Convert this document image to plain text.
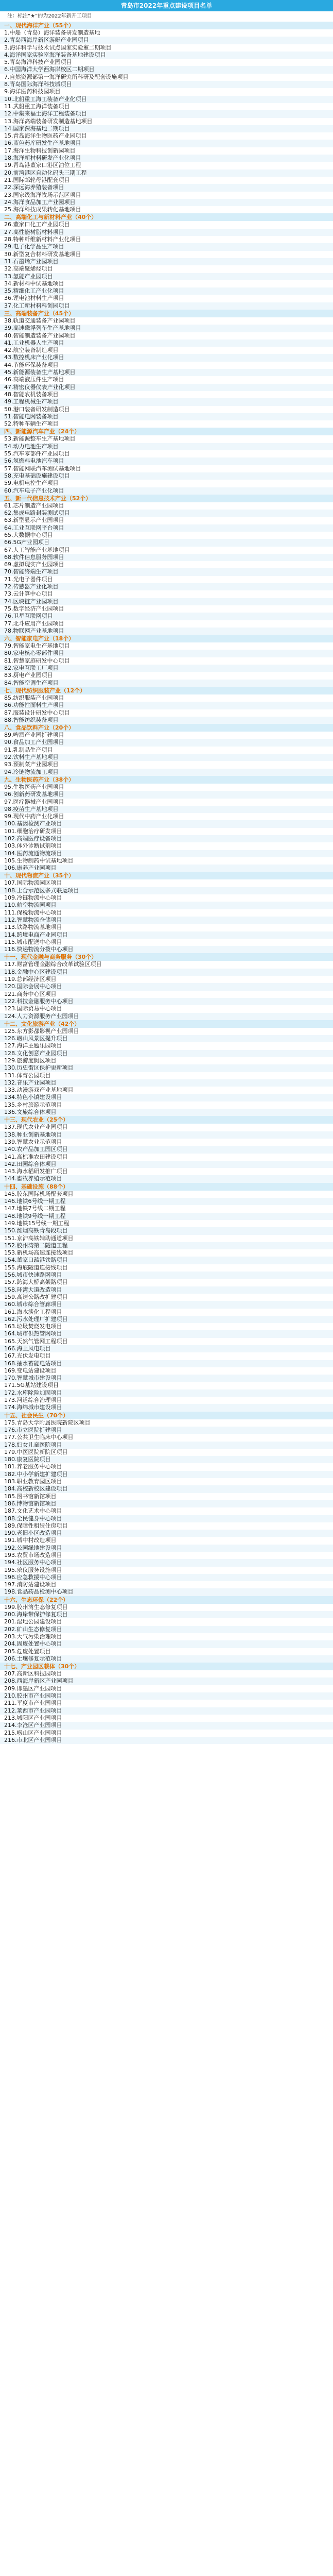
青岛市2022年重点建设项目名单
注：标注“★”的为2022年新开工项目
一、现代海洋产业（55个）
1.中船（青岛）海洋装备研发制造基地
2.青岛西海岸新区游艇产业园项目
3.海洋科学与技术试点国家实验室二期项目
4.海洋国家实验室海洋装备基地建设项目
5.青岛海洋科技产业园项目
6.中国海洋大学西海岸校区二期项目
7.自然资源部第一海洋研究所科研及配套设施项目
8.青岛国际海洋科技城项目
9.海洋医药科技园项目
10.北船重工海工装备产业化项目
11.武船重工海洋装备项目
12.中集来福士海洋工程装备项目
13.海洋高端装备研发制造基地项目
14.国家深海基地二期项目
15.青岛海洋生物医药产业园项目
16.蓝色药库研发生产基地项目
17.海洋生物科技创新园项目
18.海洋新材料研发产业化项目
19.青岛港董家口港区泊位工程
20.前湾港区自动化码头三期工程
21.国际邮轮母港配套项目
22.深远海养殖装备项目
23.国家级海洋牧场示范区项目
24.海洋食品加工产业园项目
25.海洋科技成果转化基地项目
二、高端化工与新材料产业（40个）
26.董家口化工产业园项目
27.高性能树脂材料项目
28.特种纤维新材料产业化项目
29.电子化学品生产项目
30.新型复合材料研发基地项目
31.石墨烯产业园项目
32.高端聚烯烃项目
33.氢能产业园项目
34.新材料中试基地项目
35.精细化工产业化项目
36.锂电池材料生产项目
37.化工新材料科创园项目
三、高端装备产业（45个）
38.轨道交通装备产业园项目
39.高速磁浮列车生产基地项目
40.智能制造装备产业园项目
41.工业机器人生产项目
42.航空装备制造项目
43.数控机床产业化项目
44.节能环保装备项目
45.新能源装备生产基地项目
46.高端液压件生产项目
47.精密仪器仪表产业化项目
48.智能农机装备项目
49.工程机械生产项目
50.港口装备研发制造项目
51.智能电网装备项目
52.特种车辆生产项目
四、新能源汽车产业（24个）
53.新能源整车生产基地项目
54.动力电池生产项目
55.汽车零部件产业园项目
56.氢燃料电池汽车项目
57.智能网联汽车测试基地项目
58.充电基础设施建设项目
59.电机电控生产项目
60.汽车电子产业化项目
五、新一代信息技术产业（52个）
61.芯片制造产业园项目
62.集成电路封装测试项目
63.新型显示产业园项目
64.工业互联网平台项目
65.大数据中心项目
66.5G产业园项目
67.人工智能产业基地项目
68.软件信息服务园项目
69.虚拟现实产业园项目
70.智能终端生产项目
71.光电子器件项目
72.传感器产业化项目
73.云计算中心项目
74.区块链产业园项目
75.数字经济产业园项目
76.卫星互联网项目
77.北斗应用产业园项目
78.物联网产业基地项目
六、智能家电产业（18个）
79.智能家电生产基地项目
80.家电核心零部件项目
81.智慧家庭研发中心项目
82.家电互联工厂项目
83.厨电产业园项目
84.智能空调生产项目
七、现代纺织服装产业（12个）
85.纺织服装产业园项目
86.功能性面料生产项目
87.服装设计研发中心项目
88.智能纺织装备项目
八、食品饮料产业（20个）
89.啤酒产业园扩建项目
90.食品加工产业园项目
91.乳制品生产项目
92.饮料生产基地项目
93.预制菜产业园项目
94.冷链物流加工项目
九、生物医药产业（38个）
95.生物医药产业园项目
96.创新药研发基地项目
97.医疗器械产业园项目
98.疫苗生产基地项目
99.现代中药产业化项目
100.基因检测产业项目
101.细胞治疗研发项目
102.高端医疗设备项目
103.体外诊断试剂项目
104.医药流通物流项目
105.生物制药中试基地项目
106.康养产业园项目
十、现代物流产业（35个）
107.国际物流园区项目
108.上合示范区多式联运项目
109.冷链物流中心项目
110.航空物流园项目
111.保税物流中心项目
112.智慧物流仓储项目
113.铁路物流基地项目
114.跨境电商产业园项目
115.城市配送中心项目
116.快递物流分拨中心项目
十一、现代金融与商务服务（30个）
117.财富管理金融综合改革试验区项目
118.金融中心区建设项目
119.总部经济区项目
120.国际会展中心项目
121.商务中心区项目
122.科技金融服务中心项目
123.国际贸易中心项目
124.人力资源服务产业园项目
十二、文化旅游产业（42个）
125.东方影都影视产业园项目
126.崂山风景区提升项目
127.海洋主题乐园项目
128.文化创意产业园项目
129.旅游度假区项目
130.历史街区保护更新项目
131.体育公园项目
132.音乐产业园项目
133.动漫游戏产业基地项目
134.特色小镇建设项目
135.乡村旅游示范项目
136.文旅综合体项目
十三、现代农业（25个）
137.现代农业产业园项目
138.种业创新基地项目
139.智慧农业示范项目
140.农产品加工园区项目
141.高标准农田建设项目
142.田园综合体项目
143.海水稻研发推广项目
144.畜牧养殖示范项目
十四、基础设施（88个）
145.胶东国际机场配套项目
146.地铁6号线一期工程
147.地铁7号线二期工程
148.地铁9号线一期工程
149.地铁15号线一期工程
150.潍烟高铁青岛段项目
151.京沪高铁辅助通道项目
152.胶州湾第二隧道工程
153.新机场高速连接线项目
154.董家口疏港铁路项目
155.海底隧道连接线项目
156.城市快速路网项目
157.跨海大桥高架路项目
158.环湾大道改造项目
159.高速公路改扩建项目
160.城市综合管廊项目
161.海水淡化工程项目
162.污水处理厂扩建项目
163.垃圾焚烧发电项目
164.城市供热管网项目
165.天然气管网工程项目
166.海上风电项目
167.光伏发电项目
168.抽水蓄能电站项目
169.变电站建设项目
170.智慧城市建设项目
171.5G基站建设项目
172.水库除险加固项目
173.河道综合治理项目
174.海绵城市建设项目
十五、社会民生（70个）
175.青岛大学附属医院新院区项目
176.市立医院扩建项目
177.公共卫生临床中心项目
178.妇女儿童医院项目
179.中医医院新院区项目
180.康复医院项目
181.养老服务中心项目
182.中小学新建扩建项目
183.职业教育园区项目
184.高校新校区建设项目
185.图书馆新馆项目
186.博物馆新馆项目
187.文化艺术中心项目
188.全民健身中心项目
189.保障性租赁住房项目
190.老旧小区改造项目
191.城中村改造项目
192.公园绿地建设项目
193.农贸市场改造项目
194.社区服务中心项目
195.殡仪服务设施项目
196.应急救援中心项目
197.消防站建设项目
198.食品药品检测中心项目
十六、生态环保（22个）
199.胶州湾生态修复项目
200.海岸带保护修复项目
201.湿地公园建设项目
202.矿山生态修复项目
203.大气污染治理项目
204.固废处置中心项目
205.危废处置项目
206.土壤修复示范项目
十七、产业园区载体（30个）
207.高新区科技园项目
208.西海岸新区产业园项目
209.即墨区产业园项目
210.胶州市产业园项目
211.平度市产业园项目
212.莱西市产业园项目
213.城阳区产业园项目
214.李沧区产业园项目
215.崂山区产业园项目
216.市北区产业园项目
